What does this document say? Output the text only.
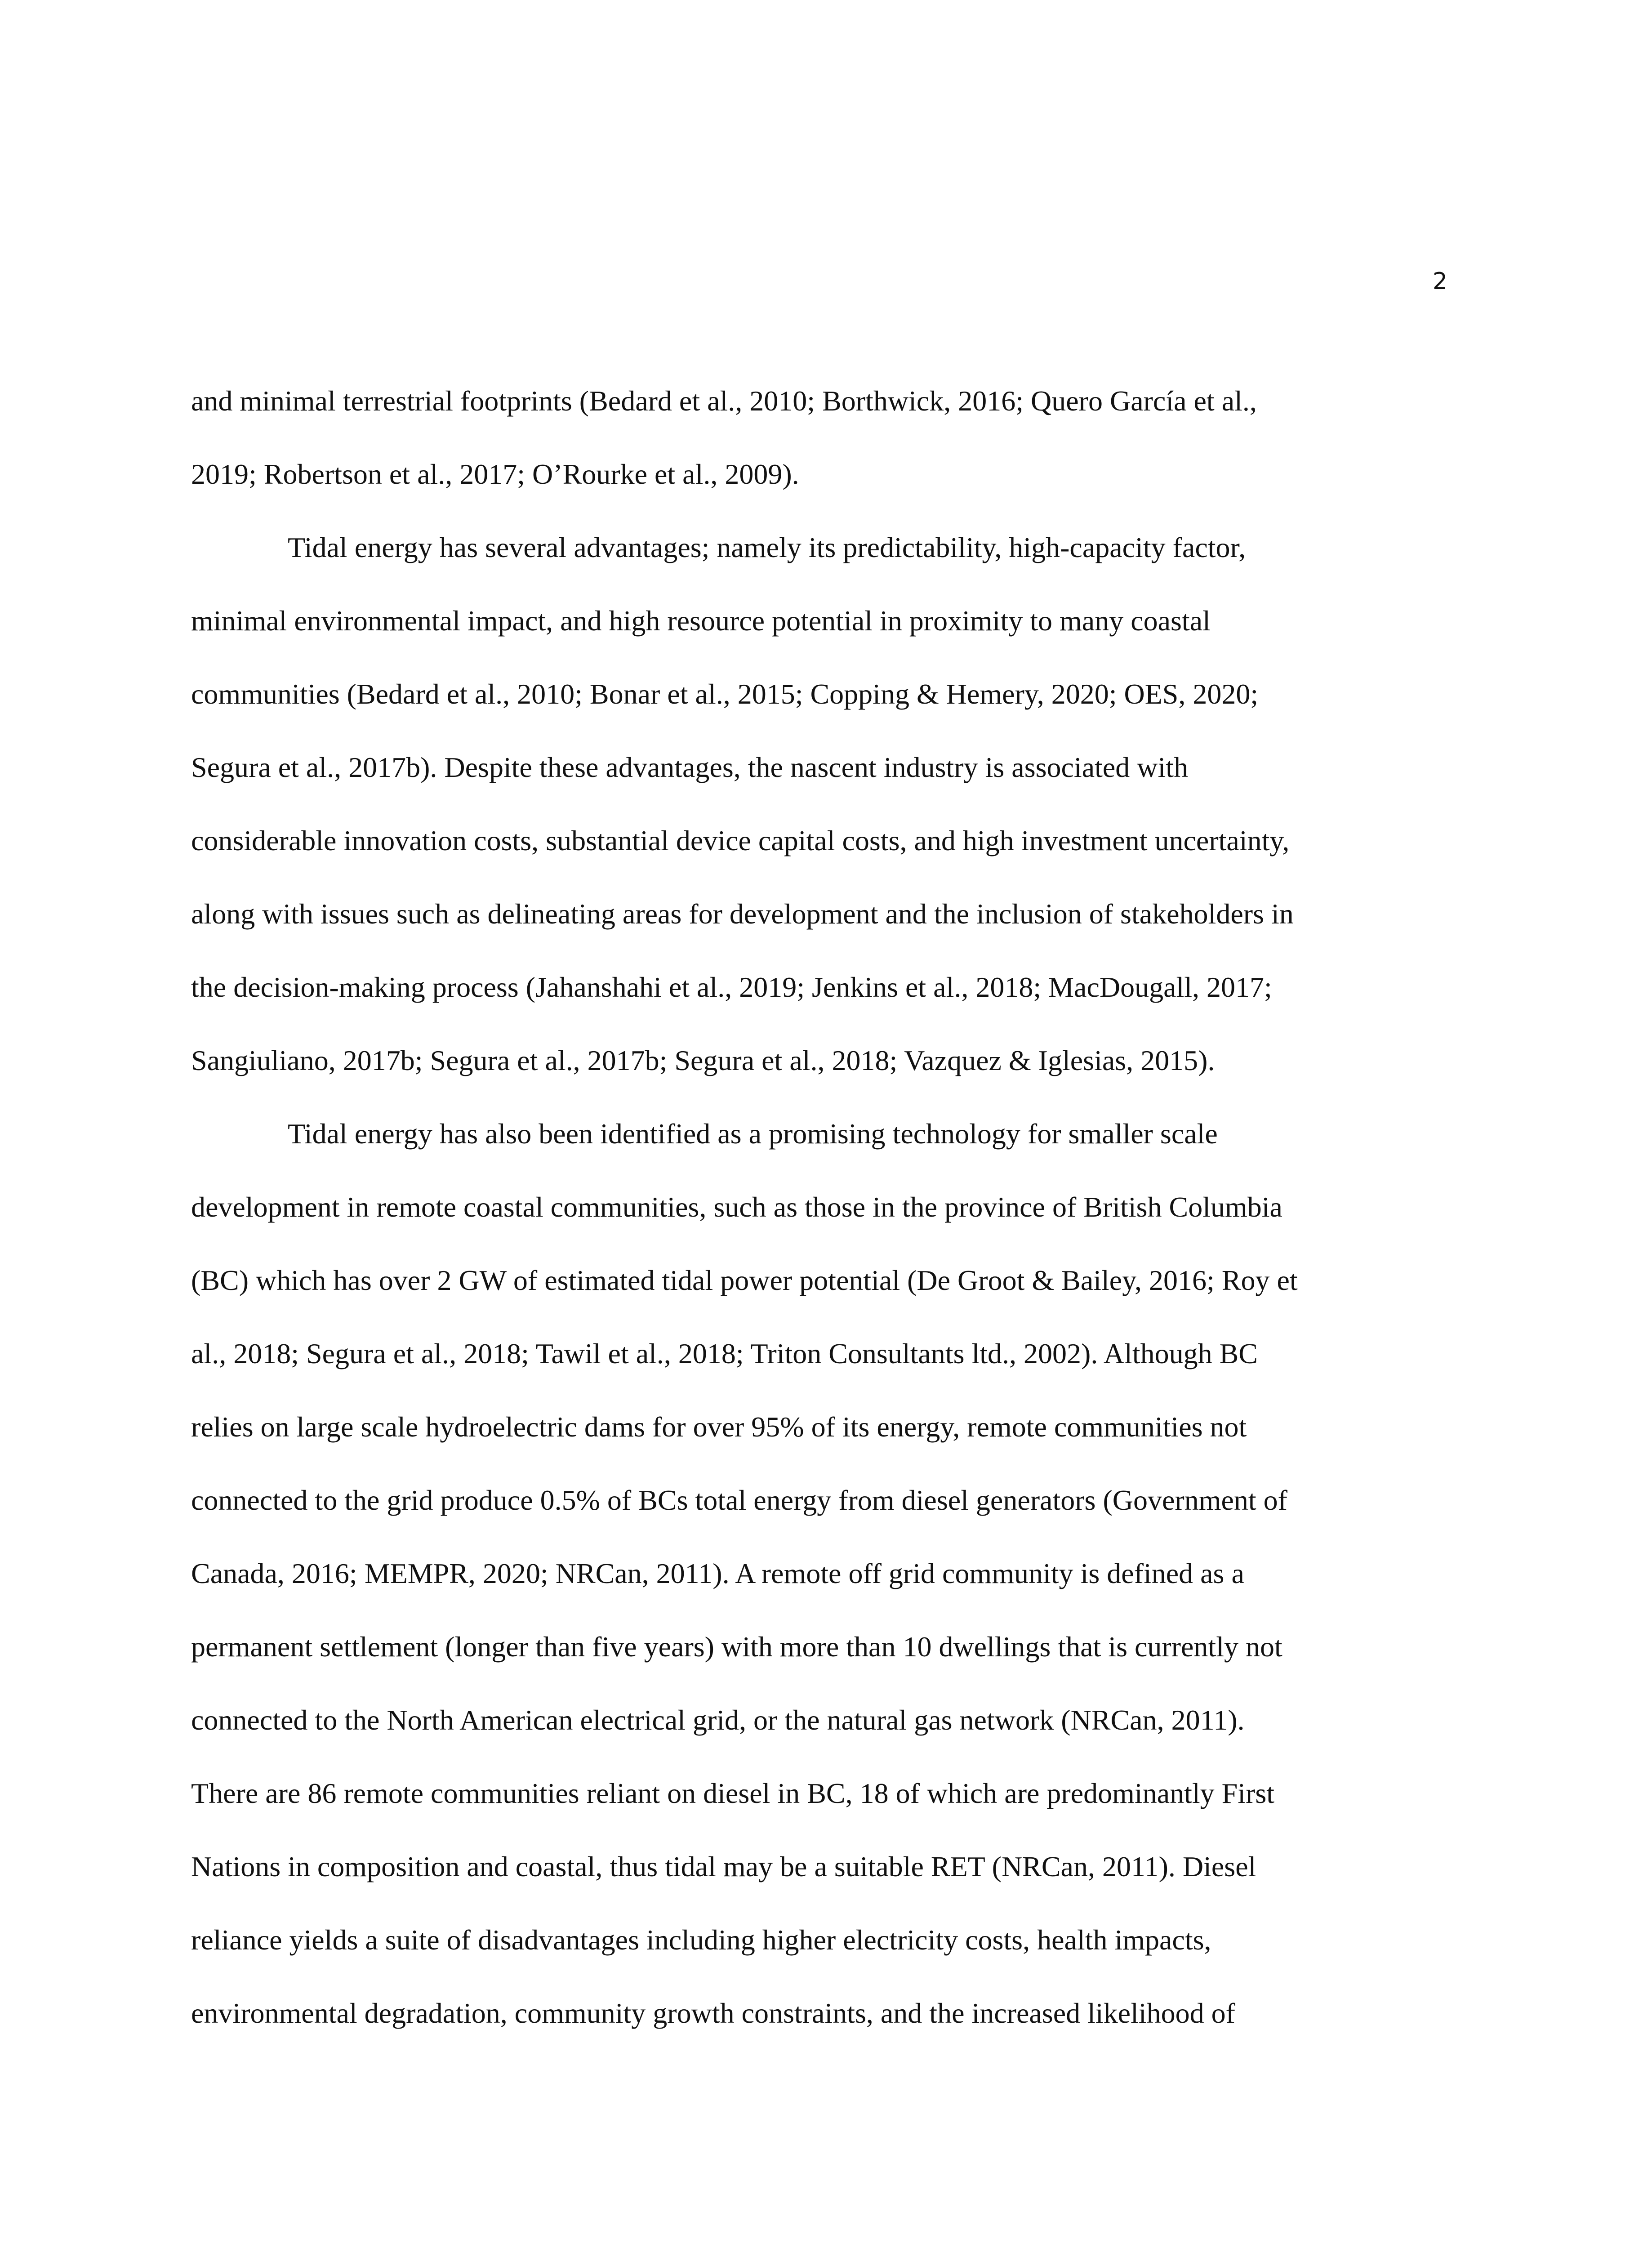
2
and minimal terrestrial footprints (Bedard et al., 2010; Borthwick, 2016; Quero García et al.,
2019; Robertson et al., 2017; O’Rourke et al., 2009).
Tidal energy has several advantages; namely its predictability, high-capacity factor,
minimal environmental impact, and high resource potential in proximity to many coastal
communities (Bedard et al., 2010; Bonar et al., 2015; Copping & Hemery, 2020; OES, 2020;
Segura et al., 2017b). Despite these advantages, the nascent industry is associated with
considerable innovation costs, substantial device capital costs, and high investment uncertainty,
along with issues such as delineating areas for development and the inclusion of stakeholders in
the decision-making process (Jahanshahi et al., 2019; Jenkins et al., 2018; MacDougall, 2017;
Sangiuliano, 2017b; Segura et al., 2017b; Segura et al., 2018; Vazquez & Iglesias, 2015).
Tidal energy has also been identified as a promising technology for smaller scale
development in remote coastal communities, such as those in the province of British Columbia
(BC) which has over 2 GW of estimated tidal power potential (De Groot & Bailey, 2016; Roy et
al., 2018; Segura et al., 2018; Tawil et al., 2018; Triton Consultants ltd., 2002). Although BC
relies on large scale hydroelectric dams for over 95% of its energy, remote communities not
connected to the grid produce 0.5% of BCs total energy from diesel generators (Government of
Canada, 2016; MEMPR, 2020; NRCan, 2011). A remote off grid community is defined as a
permanent settlement (longer than five years) with more than 10 dwellings that is currently not
connected to the North American electrical grid, or the natural gas network (NRCan, 2011).
There are 86 remote communities reliant on diesel in BC, 18 of which are predominantly First
Nations in composition and coastal, thus tidal may be a suitable RET (NRCan, 2011). Diesel
reliance yields a suite of disadvantages including higher electricity costs, health impacts,
environmental degradation, community growth constraints, and the increased likelihood of
